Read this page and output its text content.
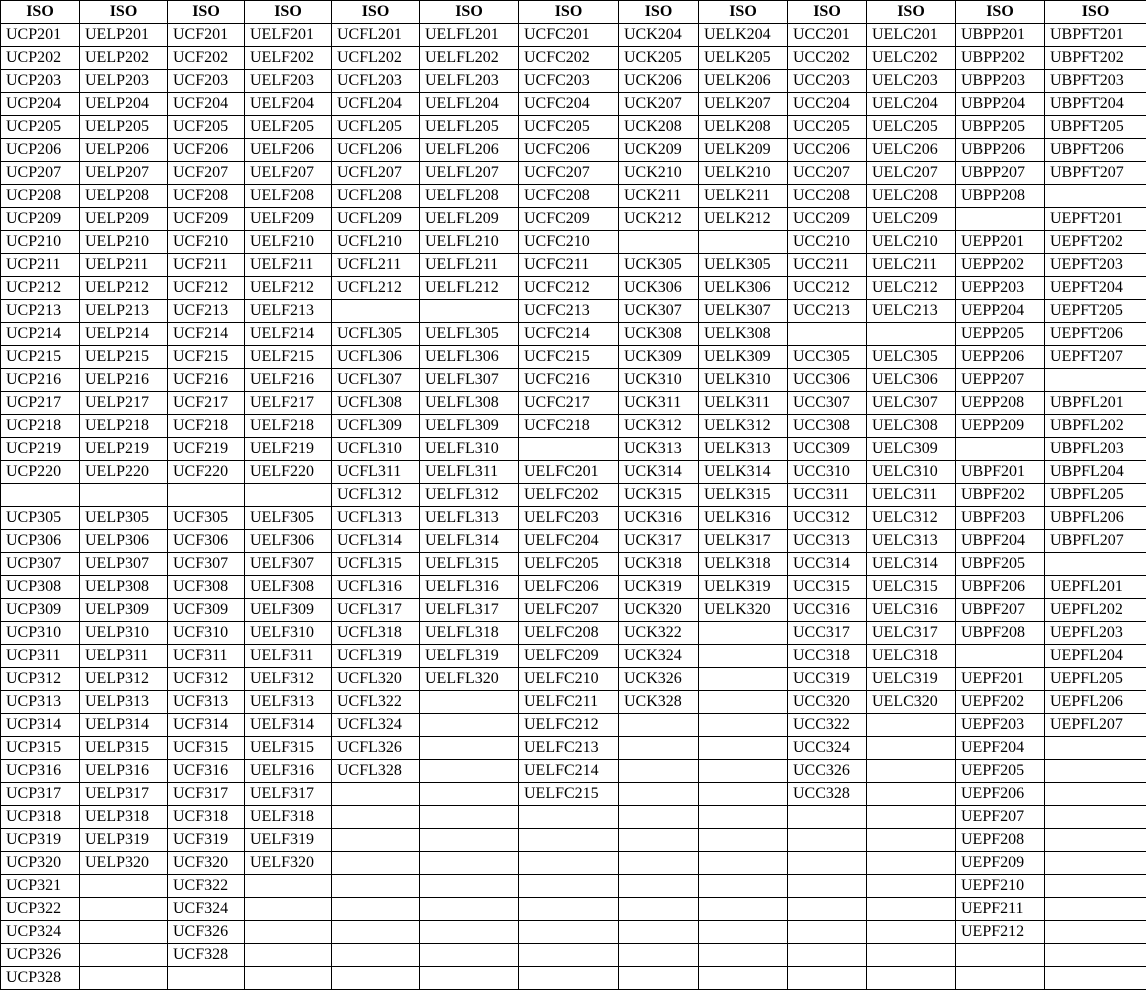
ISO	ISO	ISO	ISO	ISO	ISO	ISO	ISO	ISO	ISO	ISO	ISO	ISO
UCP201	UELP201	UCF201	UELF201	UCFL201	UELFL201	UCFC201	UCK204	UELK204	UCC201	UELC201	UBPP201	UBPFT201
UCP202	UELP202	UCF202	UELF202	UCFL202	UELFL202	UCFC202	UCK205	UELK205	UCC202	UELC202	UBPP202	UBPFT202
UCP203	UELP203	UCF203	UELF203	UCFL203	UELFL203	UCFC203	UCK206	UELK206	UCC203	UELC203	UBPP203	UBPFT203
UCP204	UELP204	UCF204	UELF204	UCFL204	UELFL204	UCFC204	UCK207	UELK207	UCC204	UELC204	UBPP204	UBPFT204
UCP205	UELP205	UCF205	UELF205	UCFL205	UELFL205	UCFC205	UCK208	UELK208	UCC205	UELC205	UBPP205	UBPFT205
UCP206	UELP206	UCF206	UELF206	UCFL206	UELFL206	UCFC206	UCK209	UELK209	UCC206	UELC206	UBPP206	UBPFT206
UCP207	UELP207	UCF207	UELF207	UCFL207	UELFL207	UCFC207	UCK210	UELK210	UCC207	UELC207	UBPP207	UBPFT207
UCP208	UELP208	UCF208	UELF208	UCFL208	UELFL208	UCFC208	UCK211	UELK211	UCC208	UELC208	UBPP208	
UCP209	UELP209	UCF209	UELF209	UCFL209	UELFL209	UCFC209	UCK212	UELK212	UCC209	UELC209		UEPFT201
UCP210	UELP210	UCF210	UELF210	UCFL210	UELFL210	UCFC210			UCC210	UELC210	UEPP201	UEPFT202
UCP211	UELP211	UCF211	UELF211	UCFL211	UELFL211	UCFC211	UCK305	UELK305	UCC211	UELC211	UEPP202	UEPFT203
UCP212	UELP212	UCF212	UELF212	UCFL212	UELFL212	UCFC212	UCK306	UELK306	UCC212	UELC212	UEPP203	UEPFT204
UCP213	UELP213	UCF213	UELF213			UCFC213	UCK307	UELK307	UCC213	UELC213	UEPP204	UEPFT205
UCP214	UELP214	UCF214	UELF214	UCFL305	UELFL305	UCFC214	UCK308	UELK308			UEPP205	UEPFT206
UCP215	UELP215	UCF215	UELF215	UCFL306	UELFL306	UCFC215	UCK309	UELK309	UCC305	UELC305	UEPP206	UEPFT207
UCP216	UELP216	UCF216	UELF216	UCFL307	UELFL307	UCFC216	UCK310	UELK310	UCC306	UELC306	UEPP207	
UCP217	UELP217	UCF217	UELF217	UCFL308	UELFL308	UCFC217	UCK311	UELK311	UCC307	UELC307	UEPP208	UBPFL201
UCP218	UELP218	UCF218	UELF218	UCFL309	UELFL309	UCFC218	UCK312	UELK312	UCC308	UELC308	UEPP209	UBPFL202
UCP219	UELP219	UCF219	UELF219	UCFL310	UELFL310		UCK313	UELK313	UCC309	UELC309		UBPFL203
UCP220	UELP220	UCF220	UELF220	UCFL311	UELFL311	UELFC201	UCK314	UELK314	UCC310	UELC310	UBPF201	UBPFL204
				UCFL312	UELFL312	UELFC202	UCK315	UELK315	UCC311	UELC311	UBPF202	UBPFL205
UCP305	UELP305	UCF305	UELF305	UCFL313	UELFL313	UELFC203	UCK316	UELK316	UCC312	UELC312	UBPF203	UBPFL206
UCP306	UELP306	UCF306	UELF306	UCFL314	UELFL314	UELFC204	UCK317	UELK317	UCC313	UELC313	UBPF204	UBPFL207
UCP307	UELP307	UCF307	UELF307	UCFL315	UELFL315	UELFC205	UCK318	UELK318	UCC314	UELC314	UBPF205	
UCP308	UELP308	UCF308	UELF308	UCFL316	UELFL316	UELFC206	UCK319	UELK319	UCC315	UELC315	UBPF206	UEPFL201
UCP309	UELP309	UCF309	UELF309	UCFL317	UELFL317	UELFC207	UCK320	UELK320	UCC316	UELC316	UBPF207	UEPFL202
UCP310	UELP310	UCF310	UELF310	UCFL318	UELFL318	UELFC208	UCK322		UCC317	UELC317	UBPF208	UEPFL203
UCP311	UELP311	UCF311	UELF311	UCFL319	UELFL319	UELFC209	UCK324		UCC318	UELC318		UEPFL204
UCP312	UELP312	UCF312	UELF312	UCFL320	UELFL320	UELFC210	UCK326		UCC319	UELC319	UEPF201	UEPFL205
UCP313	UELP313	UCF313	UELF313	UCFL322		UELFC211	UCK328		UCC320	UELC320	UEPF202	UEPFL206
UCP314	UELP314	UCF314	UELF314	UCFL324		UELFC212			UCC322		UEPF203	UEPFL207
UCP315	UELP315	UCF315	UELF315	UCFL326		UELFC213			UCC324		UEPF204	
UCP316	UELP316	UCF316	UELF316	UCFL328		UELFC214			UCC326		UEPF205	
UCP317	UELP317	UCF317	UELF317			UELFC215			UCC328		UEPF206	
UCP318	UELP318	UCF318	UELF318								UEPF207	
UCP319	UELP319	UCF319	UELF319								UEPF208	
UCP320	UELP320	UCF320	UELF320								UEPF209	
UCP321		UCF322									UEPF210	
UCP322		UCF324									UEPF211	
UCP324		UCF326									UEPF212	
UCP326		UCF328										
UCP328												
